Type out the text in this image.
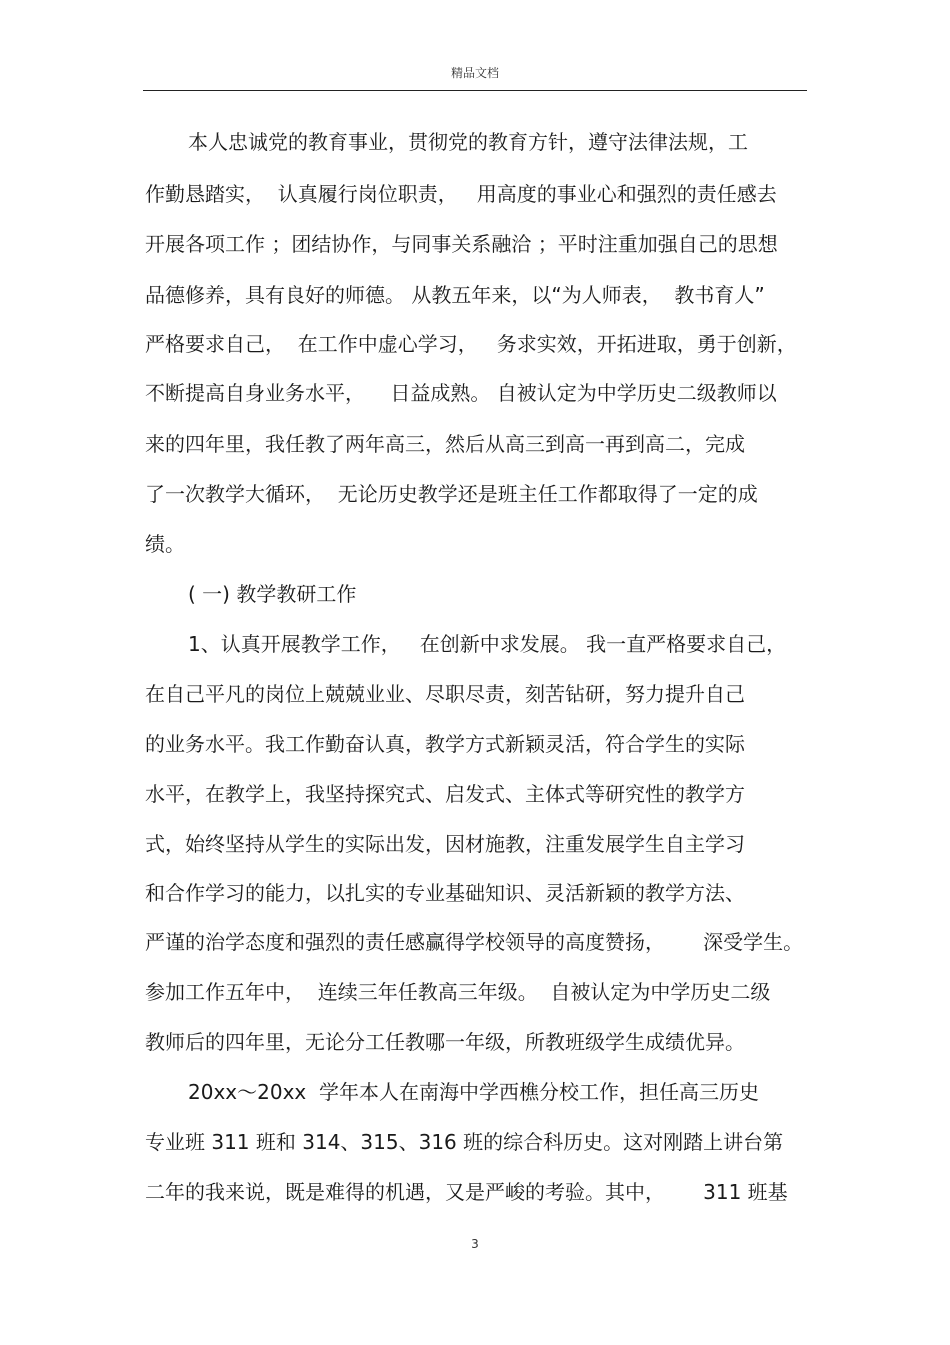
精品文档
本人忠诚党的教育事业，贯彻党的教育方针，遵守法律法规，工
作勤恳踏实，  认真履行岗位职责，   用高度的事业心和强烈的责任感去
开展各项工作 ；团结协作，与同事关系融洽 ；平时注重加强自己的思想
品德修养，具有良好的师德。 从教五年来，以“为人师表，  教书育人”
严格要求自己，  在工作中虚心学习，   务求实效，开拓进取，勇于创新，
不断提高自身业务水平，    日益成熟。 自被认定为中学历史二级教师以
来的四年里，我任教了两年高三，然后从高三到高一再到高二，完成
了一次教学大循环，  无论历史教学还是班主任工作都取得了一定的成
绩。
( 一) 教学教研工作
1、认真开展教学工作，   在创新中求发展。 我一直严格要求自己，
在自己平凡的岗位上兢兢业业、尽职尽责，刻苦钻研，努力提升自己
的业务水平。我工作勤奋认真，教学方式新颖灵活，符合学生的实际
水平，在教学上，我坚持探究式、启发式、主体式等研究性的教学方
式，始终坚持从学生的实际出发，因材施教，注重发展学生自主学习
和合作学习的能力，以扎实的专业基础知识、灵活新颖的教学方法、
严谨的治学态度和强烈的责任感赢得学校领导的高度赞扬，      深受学生。
参加工作五年中，  连续三年任教高三年级。  自被认定为中学历史二级
教师后的四年里，无论分工任教哪一年级，所教班级学生成绩优异。
20xx～20xx  学年本人在南海中学西樵分校工作，担任高三历史
专业班 311 班和 314、315、316 班的综合科历史。这对刚踏上讲台第
二年的我来说，既是难得的机遇，又是严峻的考验。其中，      311 班基
3
